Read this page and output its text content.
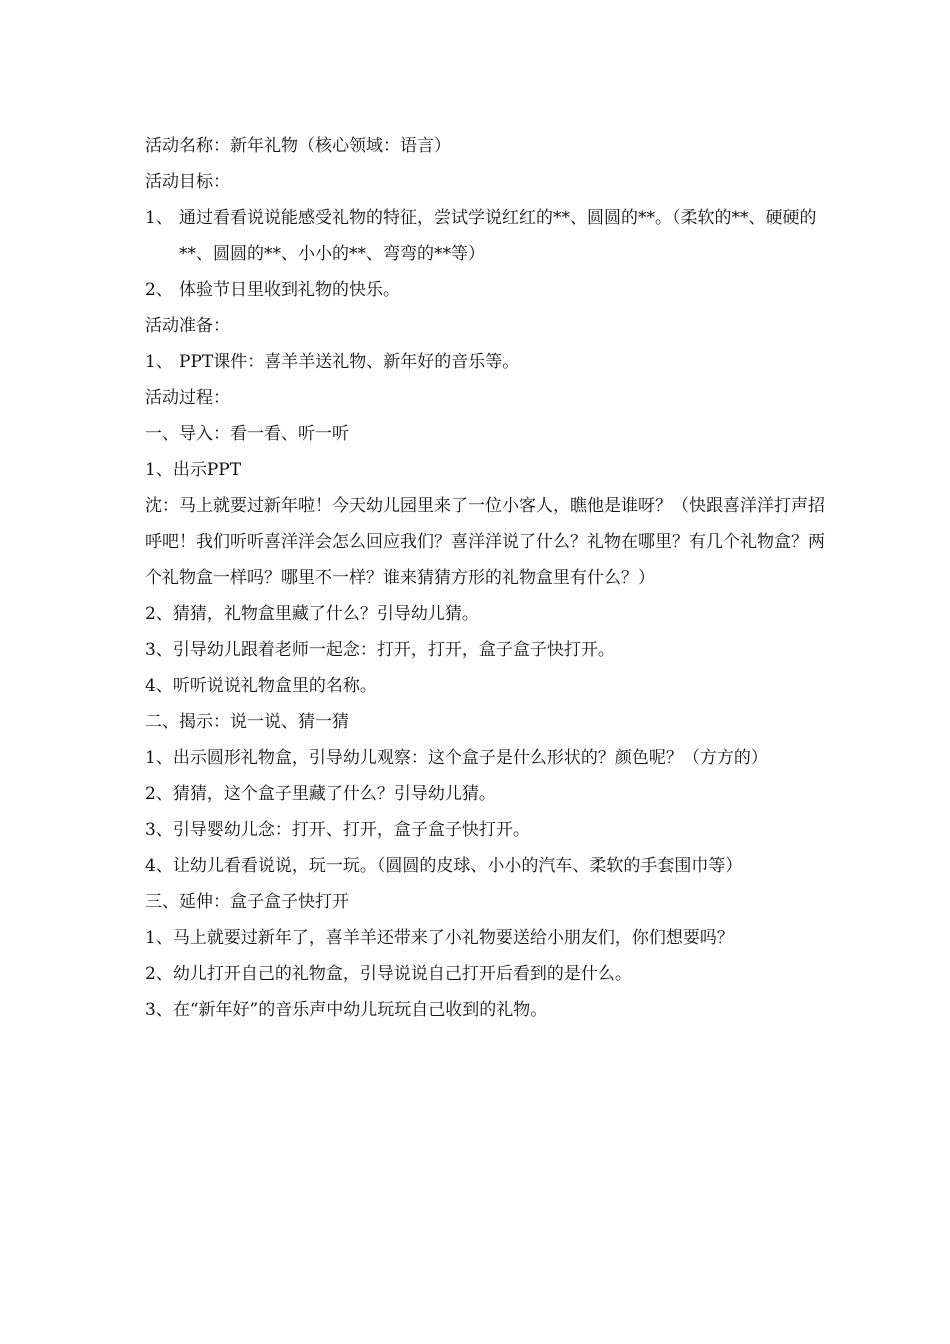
活动名称：新年礼物（核心领域：语言）
活动目标：
1、 通过看看说说能感受礼物的特征，尝试学说红红的**、圆圆的**。（柔软的**、硬硬的**、圆圆的**、小小的**、弯弯的**等）
2、 体验节日里收到礼物的快乐。
活动准备：
1、 PPT课件：喜羊羊送礼物、新年好的音乐等。
活动过程：
一、导入：看一看、听一听
1、出示PPT
沈：马上就要过新年啦！今天幼儿园里来了一位小客人，瞧他是谁呀？（快跟喜洋洋打声招呼吧！我们听听喜洋洋会怎么回应我们？喜洋洋说了什么？礼物在哪里？有几个礼物盒？两个礼物盒一样吗？哪里不一样？谁来猜猜方形的礼物盒里有什么？）
2、猜猜，礼物盒里藏了什么？引导幼儿猜。
3、引导幼儿跟着老师一起念：打开，打开，盒子盒子快打开。
4、听听说说礼物盒里的名称。
二、揭示：说一说、猜一猜
1、出示圆形礼物盒，引导幼儿观察：这个盒子是什么形状的？颜色呢？（方方的）
2、猜猜，这个盒子里藏了什么？引导幼儿猜。
3、引导婴幼儿念：打开、打开，盒子盒子快打开。
4、让幼儿看看说说，玩一玩。（圆圆的皮球、小小的汽车、柔软的手套围巾等）
三、延伸：盒子盒子快打开
1、马上就要过新年了，喜羊羊还带来了小礼物要送给小朋友们，你们想要吗？
2、幼儿打开自己的礼物盒，引导说说自己打开后看到的是什么。
3、在“新年好”的音乐声中幼儿玩玩自己收到的礼物。
